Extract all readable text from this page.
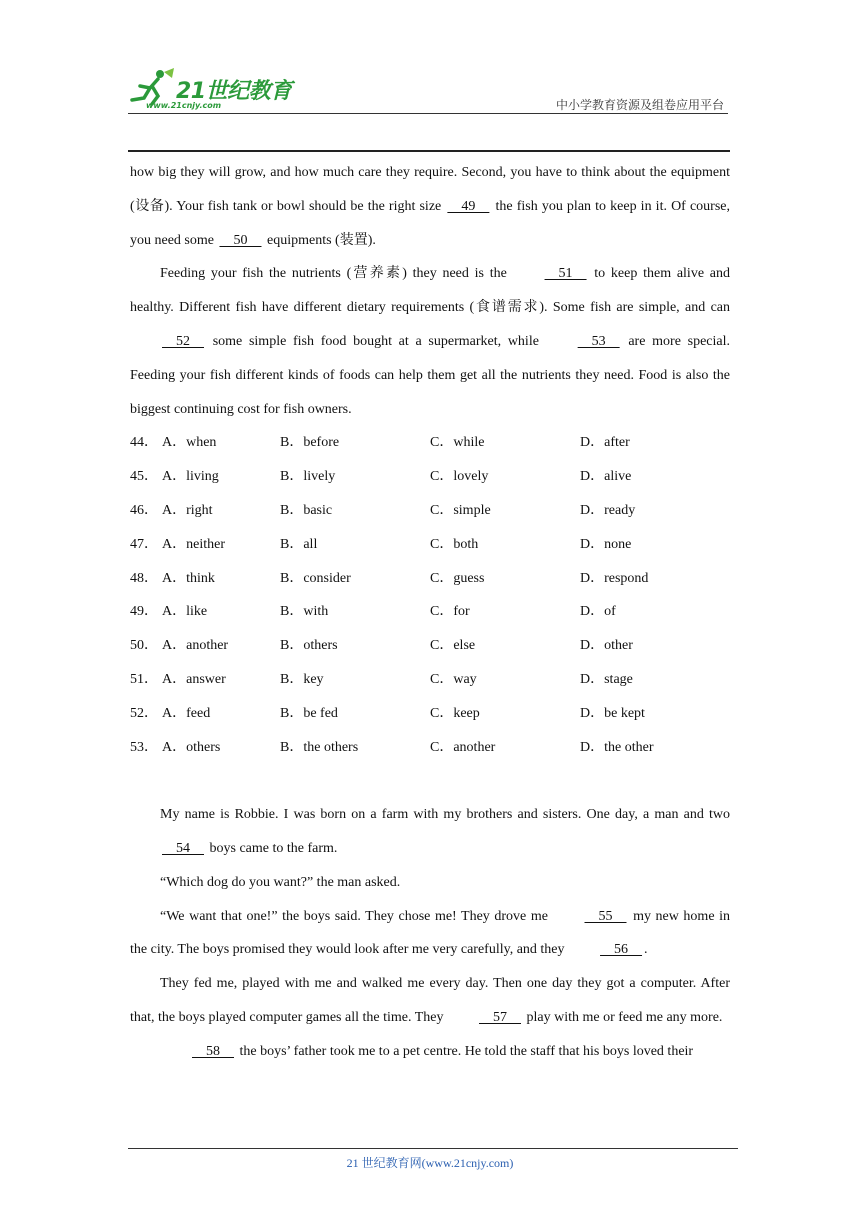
21世纪教育
www.21cnjy.com	中小学教育资源及组卷应用平台

how big they will grow, and how much care they require. Second, you have to think about the equipment (设备). Your fish tank or bowl should be the right size     49     the fish you plan to keep in it. Of course, you need some     50     equipments (装置).

Feeding your fish the nutrients (营养素) they need is the     51     to keep them alive and healthy. Different fish have different dietary requirements (食谱需求). Some fish are simple, and can     52     some simple fish food bought at a supermarket, while     53     are more special. Feeding your fish different kinds of foods can help them get all the nutrients they need. Food is also the biggest continuing cost for fish owners.

44． A．when	B．before	C．while	D．after
45． A．living	B．lively	C．lovely	D．alive
46． A．right	B．basic	C．simple	D．ready
47． A．neither	B．all	C．both	D．none
48． A．think	B．consider	C．guess	D．respond
49． A．like	B．with	C．for	D．of
50． A．another	B．others	C．else	D．other
51． A．answer	B．key	C．way	D．stage
52． A．feed	B．be fed	C．keep	D．be kept
53． A．others	B．the others	C．another	D．the other

My name is Robbie. I was born on a farm with my brothers and sisters. One day, a man and two     54     boys came to the farm.

“Which dog do you want?” the man asked.

“We want that one!” the boys said. They chose me! They drove me     55     my new home in the city. The boys promised they would look after me very carefully, and they     56    .

They fed me, played with me and walked me every day. Then one day they got a computer. After that, the boys played computer games all the time. They     57     play with me or feed me any more.

58     the boys’ father took me to a pet centre. He told the staff that his boys loved their

21 世纪教育网(www.21cnjy.com)
